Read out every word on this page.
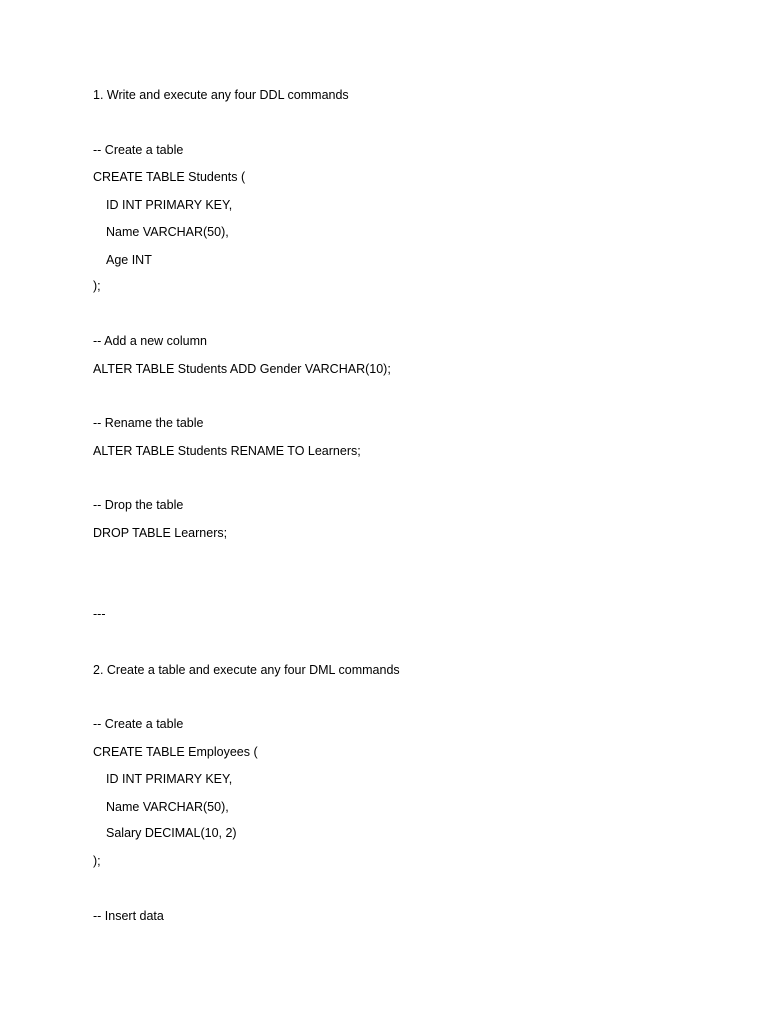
1. Write and execute any four DDL commands
-- Create a table
CREATE TABLE Students (
ID INT PRIMARY KEY,
Name VARCHAR(50),
Age INT
);
-- Add a new column
ALTER TABLE Students ADD Gender VARCHAR(10);
-- Rename the table
ALTER TABLE Students RENAME TO Learners;
-- Drop the table
DROP TABLE Learners;
---
2. Create a table and execute any four DML commands
-- Create a table
CREATE TABLE Employees (
ID INT PRIMARY KEY,
Name VARCHAR(50),
Salary DECIMAL(10, 2)
);
-- Insert data
